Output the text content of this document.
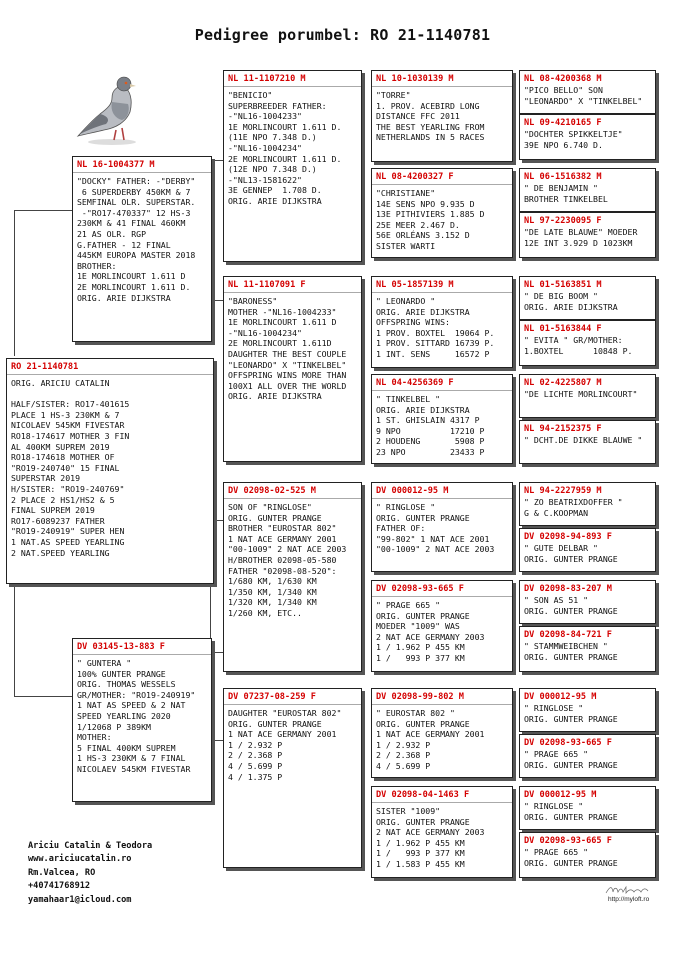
Pedigree porumbel: RO 21-1140781
RO 21-1140781
ORIG. ARICIU CATALIN

HALF/SISTER: RO17-401615
PLACE 1 HS-3 230KM & 7
NICOLAEV 545KM FIVESTAR
RO18-174617 MOTHER 3 FIN
AL 400KM SUPREM 2019
RO18-174618 MOTHER OF
"RO19-240740" 15 FINAL
SUPERSTAR 2019
H/SISTER: "RO19-240769"
2 PLACE 2 HS1/HS2 & 5
FINAL SUPREM 2019
RO17-6089237 FATHER
"RO19-240919" SUPER HEN
1 NAT.AS SPEED YEARLING
2 NAT.SPEED YEARLING
NL 16-1004377 M
"DOCKY" FATHER: -"DERBY"
6 SUPERDERBY 450KM & 7
SEMFINAL OLR. SUPERSTAR.
-"RO17-470337" 12 HS-3
230KM & 41 FINAL 460KM
21 AS OLR. RGP
G.FATHER - 12 FINAL
445KM EUROPA MASTER 2018
BROTHER:
1E MORLINCOURT 1.611 D
2E MORLINCOURT 1.611 D.
ORIG. ARIE DIJKSTRA
DV 03145-13-883 F
" GUNTERA "
100% GUNTER PRANGE
ORIG. THOMAS WESSELS
GR/MOTHER: "RO19-240919"
1 NAT AS SPEED & 2 NAT
SPEED YEARLING 2020
1/12068 P 389KM
MOTHER:
5 FINAL 400KM SUPREM
1 HS-3 230KM & 7 FINAL
NICOLAEV 545KM FIVESTAR
NL 11-1107210 M
"BENICIO"
SUPERBREEDER FATHER:
-"NL16-1004233"
1E MORLINCOURT 1.611 D.
(11E NPO 7.348 D.)
-"NL16-1004234"
2E MORLINCOURT 1.611 D.
(12E NPO 7.348 D.)
-"NL13-1581622"
3E GENNEP  1.708 D.
ORIG. ARIE DIJKSTRA
NL 11-1107091 F
"BARONESS"
MOTHER -"NL16-1004233"
1E MORLINCOURT 1.611 D
-"NL16-1004234"
2E MORLINCOURT 1.611D
DAUGHTER THE BEST COUPLE
"LEONARDO" X "TINKELBEL"
OFFSPRING WINS MORE THAN
100X1 ALL OVER THE WORLD
ORIG. ARIE DIJKSTRA
DV 02098-02-525 M
SON OF "RINGLOSE"
ORIG. GUNTER PRANGE
BROTHER "EUROSTAR 802"
1 NAT ACE GERMANY 2001
"00-1009" 2 NAT ACE 2003
H/BROTHER 02098-05-580
FATHER "02098-08-520":
1/680 KM, 1/630 KM
1/350 KM, 1/340 KM
1/320 KM, 1/340 KM
1/260 KM, ETC..
DV 07237-08-259 F
DAUGHTER "EUROSTAR 802"
ORIG. GUNTER PRANGE
1 NAT ACE GERMANY 2001
1 / 2.932 P
2 / 2.368 P
4 / 5.699 P
4 / 1.375 P
NL 10-1030139 M
"TORRE"
1. PROV. ACEBIRD LONG
DISTANCE FFC 2011
THE BEST YEARLING FROM
NETHERLANDS IN 5 RACES
NL 08-4200327 F
"CHRISTIANE"
14E SENS NPO 9.935 D
13E PITHIVIERS 1.885 D
25E MEER 2.467 D.
56E ORLÉANS 3.152 D
SISTER WARTI
NL 05-1857139 M
" LEONARDO "
ORIG. ARIE DIJKSTRA
OFFSPRING WINS:
1 PROV. BOXTEL  19064 P.
1 PROV. SITTARD 16739 P.
1 INT. SENS     16572 P
NL 04-4256369 F
" TINKELBEL "
ORIG. ARIE DIJKSTRA
1 ST. GHISLAIN 4317 P
9 NPO          17210 P
2 HOUDENG       5908 P
23 NPO         23433 P
DV 000012-95 M
" RINGLOSE "
ORIG. GUNTER PRANGE
FATHER OF:
"99-802" 1 NAT ACE 2001
"00-1009" 2 NAT ACE 2003
DV 02098-93-665 F
" PRAGE 665 "
ORIG. GUNTER PRANGE
MOEDER "1009" WAS
2 NAT ACE GERMANY 2003
1 / 1.962 P 455 KM
1 /   993 P 377 KM
DV 02098-99-802 M
" EUROSTAR 802 "
ORIG. GUNTER PRANGE
1 NAT ACE GERMANY 2001
1 / 2.932 P
2 / 2.368 P
4 / 5.699 P
DV 02098-04-1463 F
SISTER "1009"
ORIG. GUNTER PRANGE
2 NAT ACE GERMANY 2003
1 / 1.962 P 455 KM
1 /   993 P 377 KM
1 / 1.583 P 455 KM
NL 08-4200368 M
"PICO BELLO" SON
"LEONARDO" X "TINKELBEL"
NL 09-4210165 F
"DOCHTER SPIKKELTJE"
39E NPO 6.740 D.
NL 06-1516382 M
" DE BENJAMIN "
BROTHER TINKELBEL
NL 97-2230095 F
"DE LATE BLAUWE" MOEDER
12E INT 3.929 D 1023KM
NL 01-5163851 M
" DE BIG BOOM "
ORIG. ARIE DIJKSTRA
NL 01-5163844 F
" EVITA " GR/MOTHER:
1.BOXTEL      10848 P.
NL 02-4225807 M
"DE LICHTE MORLINCOURT"
NL 94-2152375 F
" DCHT.DE DIKKE BLAUWE "
NL 94-2227959 M
" ZO BEATRIXDOFFER "
G & C.KOOPMAN
DV 02098-94-893 F
" GUTE DELBAR "
ORIG. GUNTER PRANGE
DV 02098-83-207 M
" SON AS 51 "
ORIG. GUNTER PRANGE
DV 02098-84-721 F
" STAMMWEIBCHEN "
ORIG. GUNTER PRANGE
DV 000012-95 M
" RINGLOSE "
ORIG. GUNTER PRANGE
DV 02098-93-665 F
" PRAGE 665 "
ORIG. GUNTER PRANGE
DV 000012-95 M
" RINGLOSE "
ORIG. GUNTER PRANGE
DV 02098-93-665 F
" PRAGE 665 "
ORIG. GUNTER PRANGE
Ariciu Catalin & Teodora
www.ariciucatalin.ro
Rm.Valcea, RO
+40741768912
yamahaar1@icloud.com	http://myloft.ro
